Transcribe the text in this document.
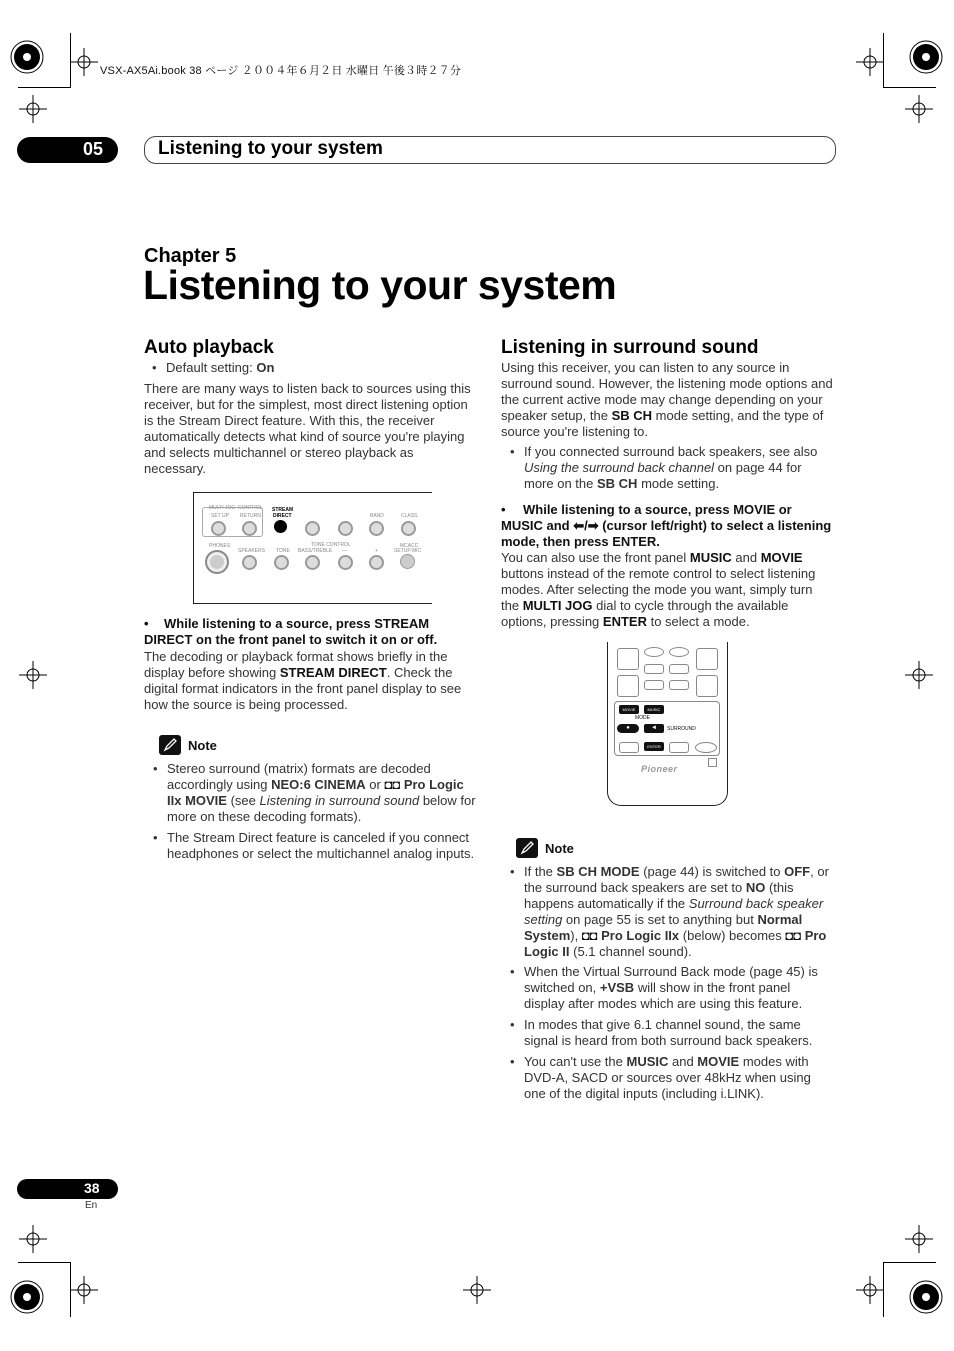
VSX-AX5Ai.book 38 ページ ２００４年６月２日 水曜日 午後３時２７分
05	Listening to your system
Chapter 5
Listening to your system
Auto playback
• Default setting: On
There are many ways to listen back to sources using this receiver, but for the simplest, most direct listening option is the Stream Direct feature. With this, the receiver automatically detects what kind of source you're playing and selects multichannel or stereo playback as necessary.
MULTI JOG CONTROL
SET UP RETURN
STREAM
DIRECT	BAND	CLASS
PHONES	TONE CONTROL	MCACC
SPEAKERS TONE BASS/TREBLE —	+	SETUP MIC
• While listening to a source, press STREAM DIRECT on the front panel to switch it on or off.
The decoding or playback format shows briefly in the display before showing STREAM DIRECT. Check the digital format indicators in the front panel display to see how the source is being processed.
Note
• Stereo surround (matrix) formats are decoded accordingly using NEO:6 CINEMA or ◘◘ Pro Logic IIx MOVIE (see Listening in surround sound below for more on these decoding formats).
• The Stream Direct feature is canceled if you connect headphones or select the multichannel analog inputs.
Listening in surround sound
Using this receiver, you can listen to any source in surround sound. However, the listening mode options and the current active mode may change depending on your speaker setup, the SB CH mode setting, and the type of source you're listening to.
• If you connected surround back speakers, see also Using the surround back channel on page 44 for more on the SB CH mode setting.
• While listening to a source, press MOVIE or MUSIC and ⬅/➡ (cursor left/right) to select a listening mode, then press ENTER.
You can also use the front panel MUSIC and MOVIE buttons instead of the remote control to select listening modes. After selecting the mode you want, simply turn the MULTI JOG dial to cycle through the available options, pressing ENTER to select a mode.
MOVIE	MUSIC
MODE
●	◄	SURROUND
ENTER
Pioneer
Note
• If the SB CH MODE (page 44) is switched to OFF, or the surround back speakers are set to NO (this happens automatically if the Surround back speaker setting on page 55 is set to anything but Normal System), ◘◘ Pro Logic IIx (below) becomes ◘◘ Pro Logic II (5.1 channel sound).
• When the Virtual Surround Back mode (page 45) is switched on, +VSB will show in the front panel display after modes which are using this feature.
• In modes that give 6.1 channel sound, the same signal is heard from both surround back speakers.
• You can't use the MUSIC and MOVIE modes with DVD-A, SACD or sources over 48kHz when using one of the digital inputs (including i.LINK).
38
En
